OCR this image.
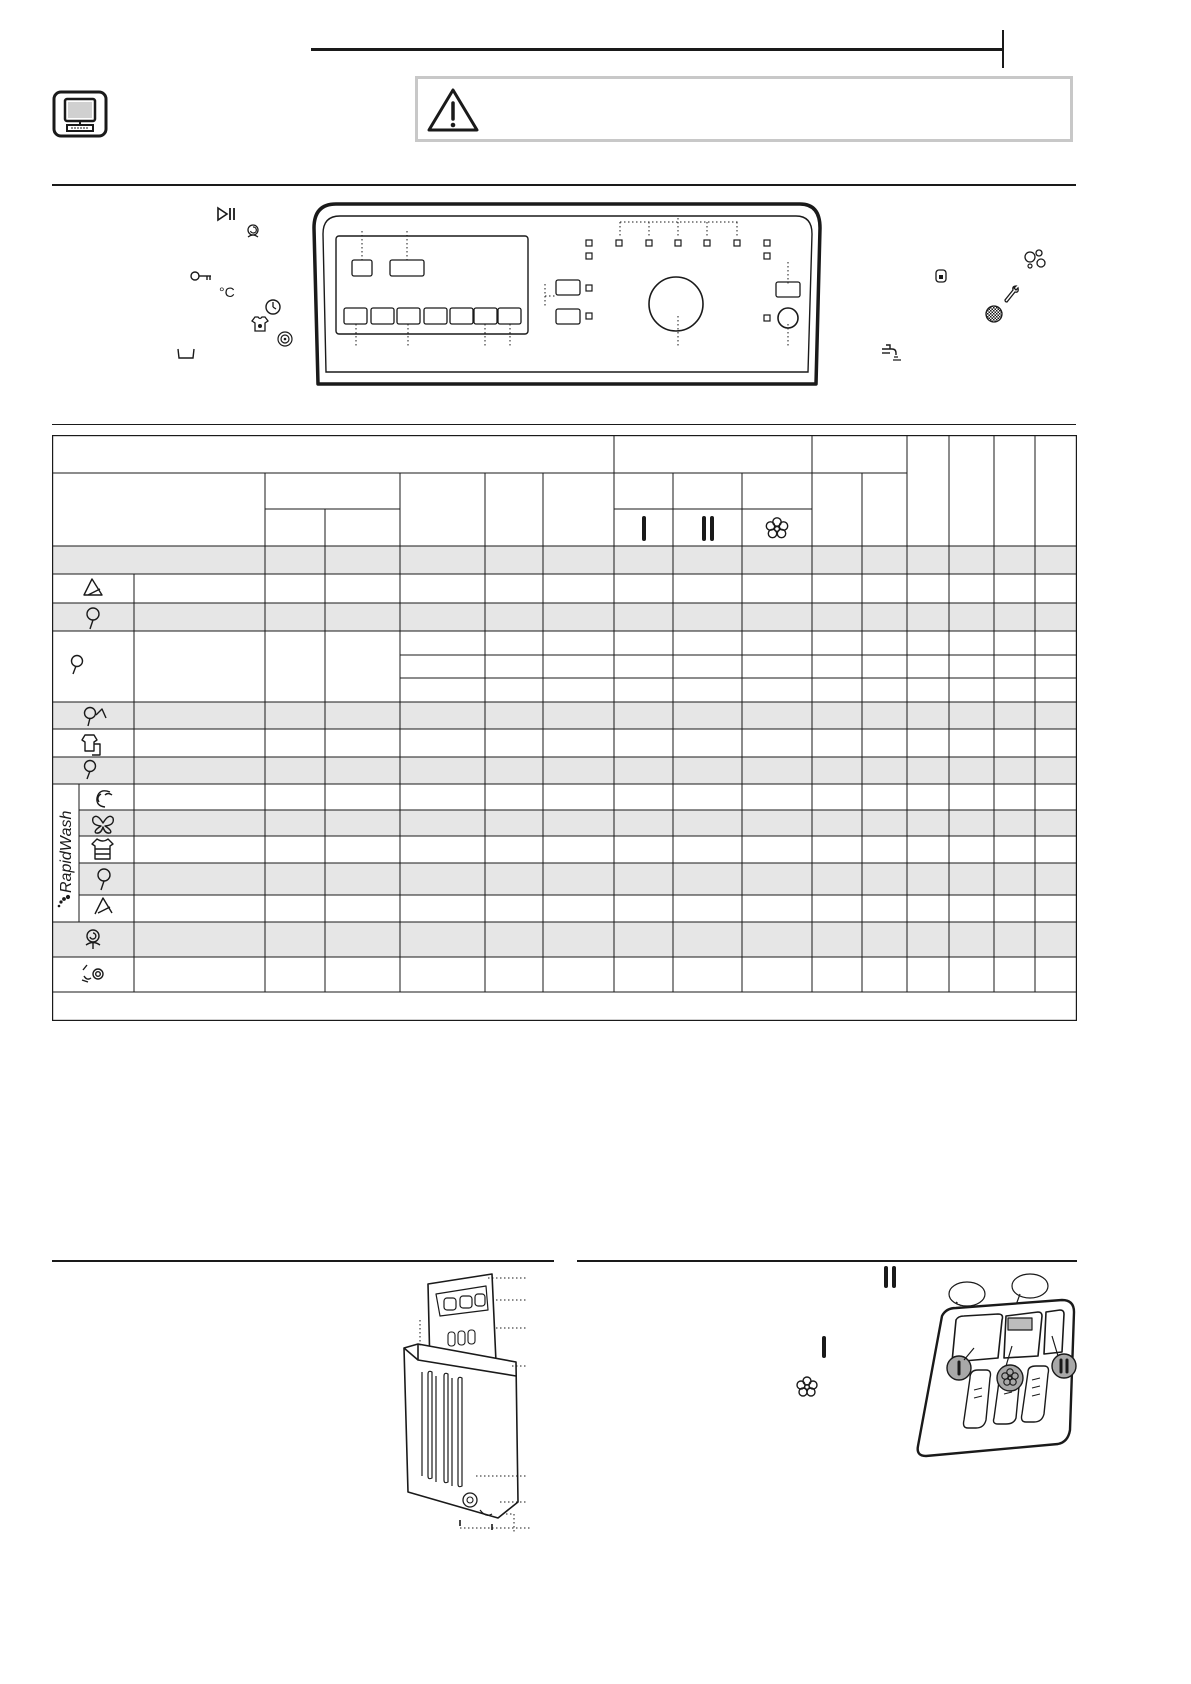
°C
RapidWash
